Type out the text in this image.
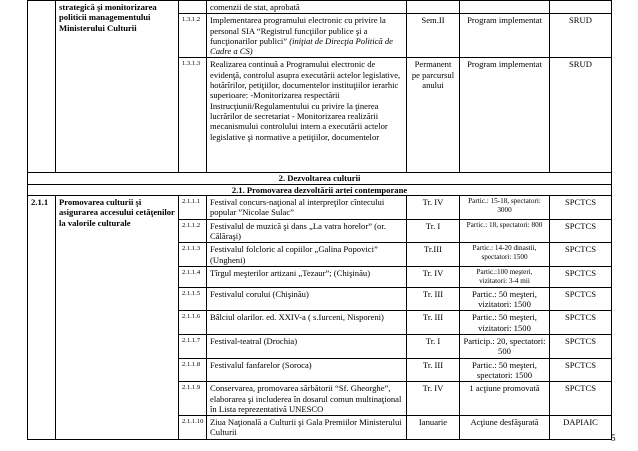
	strategică şi monitorizarea politicii managementului Ministerului Culturii		comenzii de stat, aprobată			
		1.3.1.2	Implementarea programului electronic cu privire la personal SIA “Registrul funcţiilor publice şi a funcţionarilor publici” (iniţiat de Direcţia Politică de Cadre a CS)	Sem.II	Program implementat	SRUD
		1.3.1.3	Realizarea continuă a Programului electronic de evidenţă, controlul asupra executării actelor legislative, hotărîrilor, petiţiilor, documentelor instituţiilor ierarhic superioare: -Monitorizarea respectării Instrucţiunii/Regulamentului cu privire la ţinerea lucrărilor de secretariat - Monitorizarea realizării mecanismului controlului intern a executării actelor legislative şi normative a petiţiilor, documentelor	Permanent pe parcursul anului	Program implementat	SRUD
2. Dezvoltarea culturii						
2.1. Promovarea dezvoltării artei contemporane						
2.1.1	Promovarea culturii şi asigurarea accesului cetăţenilor la valorile culturale	2.1.1.1	Festival concurs-naţional al interpreţilor cîntecului popular ”Nicolae Sulac”	Tr. IV	Partic.: 15-18, spectatori: 3000	SPCTCS
		2.1.1.2	Festivalul de muzică şi dans „La vatra horelor” (or. Călăraşi)	Tr. I	Partic.: 18, spectatori: 800	SPCTCS
		2.1.1.3	Festivalul folcloric al copiilor „Galina Popovici” (Ungheni)	Tr.III	Partic.: 14-20 dinastii, spectatori: 1500	SPCTCS
		2.1.1.4	Tîrgul meşterilor artizani „Tezaur”; (Chişinău)	Tr. IV	Partic.:100 meşteri, vizitatori: 3-4 mii	SPCTCS
		2.1.1.5	Festivalul corului (Chişinău)	Tr. III	Partic.: 50 meşteri, vizitatori: 1500	SPCTCS
		2.1.1.6	Bâlciul olarilor. ed. XXIV-a ( s.Iurceni, Nisporeni)	Tr. III	Partic.: 50 meşteri, vizitatori: 1500	SPCTCS
		2.1.1.7	Festival-teatral (Drochia)	Tr. I	Particip.: 20, spectatori: 500	SPCTCS
		2.1.1.8	Festivalul fanfarelor (Soroca)	Tr. III	Partic.: 50 meşteri, spectatori: 1500	SPCTCS
		2.1.1.9	Conservarea, promovarea sărbătorii “Sf. Gheorghe”, elaborarea şi includerea în dosarul comun multinaţional în Lista reprezentativă UNESCO	Tr. IV	1 acţiune promovată	SPCTCS
		2.1.1.10	Ziua Naţională a Culturii şi Gala Premiilor Ministerului Culturii	Ianuarie	Acţiune desfăşurată	DAPIAIC
5
